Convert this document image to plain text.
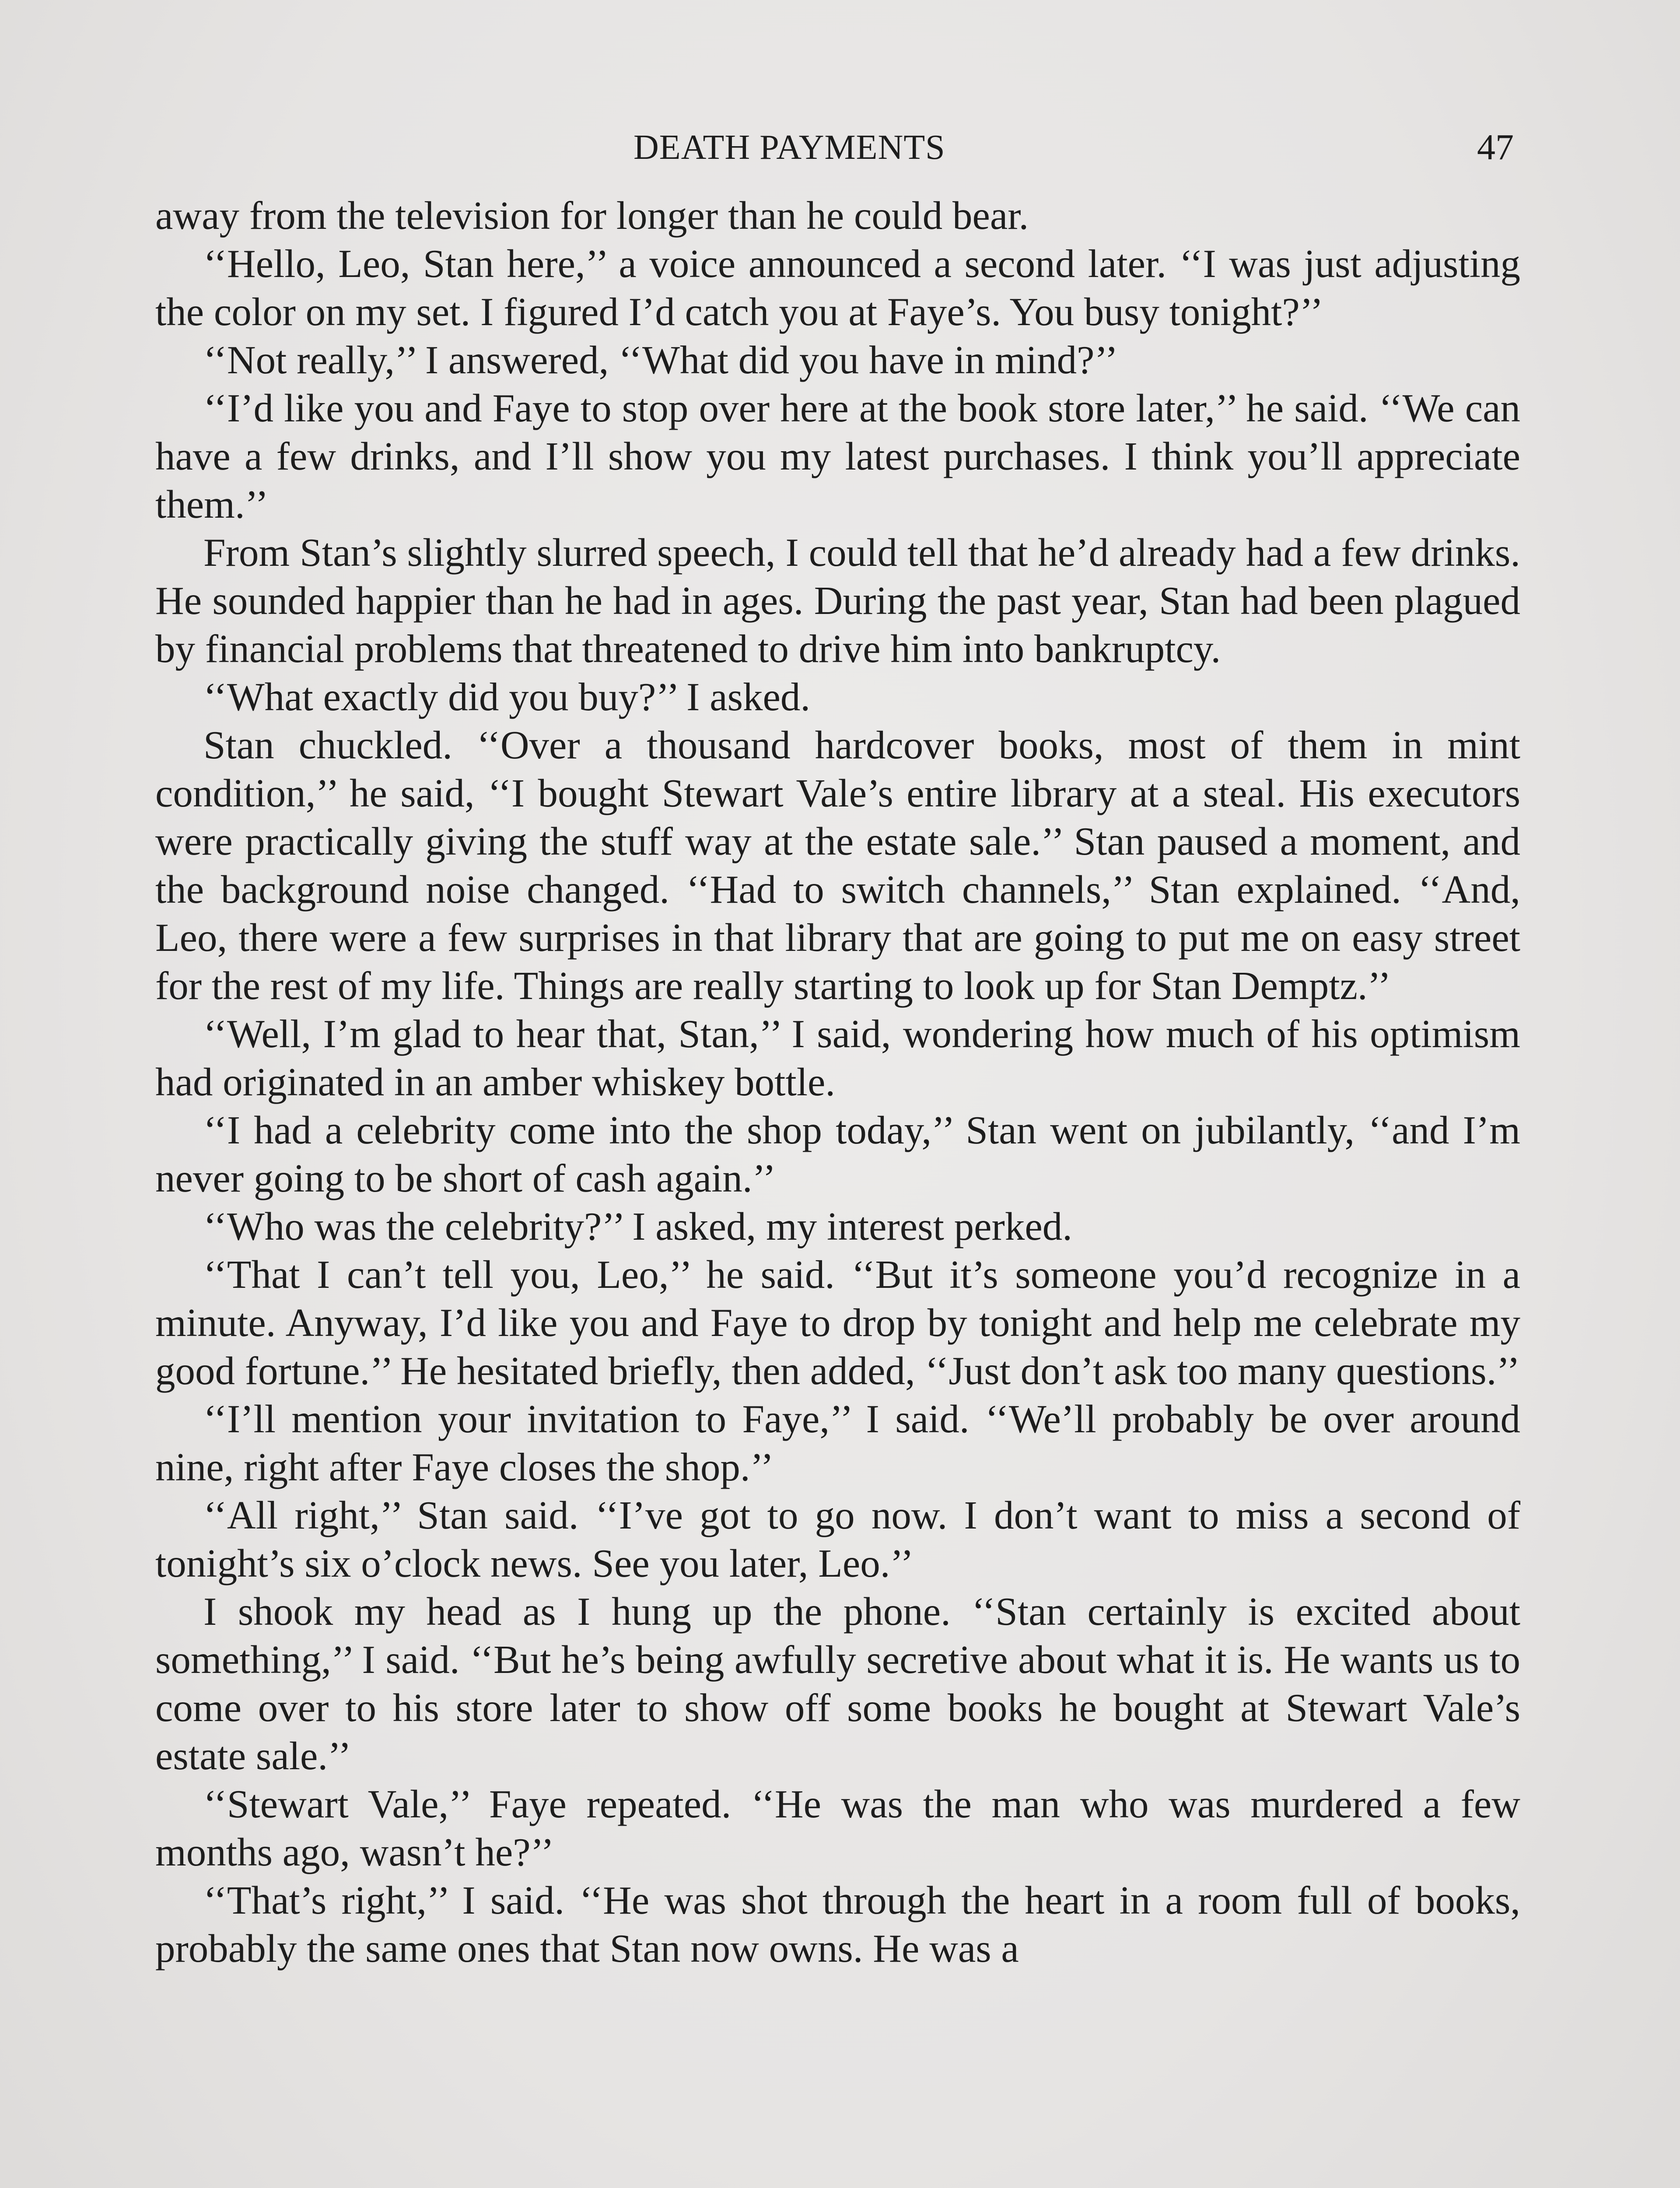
DEATH PAYMENTS	47

away from the television for longer than he could bear.

‘‘Hello, Leo, Stan here,’’ a voice announced a second later. ‘‘I was just adjusting the color on my set. I figured I’d catch you at Faye’s. You busy tonight?’’

‘‘Not really,’’ I answered, ‘‘What did you have in mind?’’

‘‘I’d like you and Faye to stop over here at the book store later,’’ he said. ‘‘We can have a few drinks, and I’ll show you my latest purchases. I think you’ll appreciate them.’’

From Stan’s slightly slurred speech, I could tell that he’d already had a few drinks. He sounded happier than he had in ages. During the past year, Stan had been plagued by financial problems that threatened to drive him into bankruptcy.

‘‘What exactly did you buy?’’ I asked.

Stan chuckled. ‘‘Over a thousand hardcover books, most of them in mint condition,’’ he said, ‘‘I bought Stewart Vale’s entire library at a steal. His executors were practically giving the stuff way at the estate sale.’’ Stan paused a moment, and the background noise changed. ‘‘Had to switch channels,’’ Stan explained. ‘‘And, Leo, there were a few surprises in that library that are going to put me on easy street for the rest of my life. Things are really starting to look up for Stan Demptz.’’

‘‘Well, I’m glad to hear that, Stan,’’ I said, wondering how much of his optimism had originated in an amber whiskey bottle.

‘‘I had a celebrity come into the shop today,’’ Stan went on jubilantly, ‘‘and I’m never going to be short of cash again.’’

‘‘Who was the celebrity?’’ I asked, my interest perked.

‘‘That I can’t tell you, Leo,’’ he said. ‘‘But it’s someone you’d recognize in a minute. Anyway, I’d like you and Faye to drop by tonight and help me celebrate my good fortune.’’ He hesitated briefly, then added, ‘‘Just don’t ask too many questions.’’

‘‘I’ll mention your invitation to Faye,’’ I said. ‘‘We’ll probably be over around nine, right after Faye closes the shop.’’

‘‘All right,’’ Stan said. ‘‘I’ve got to go now. I don’t want to miss a second of tonight’s six o’clock news. See you later, Leo.’’

I shook my head as I hung up the phone. ‘‘Stan certainly is excited about something,’’ I said. ‘‘But he’s being awfully secretive about what it is. He wants us to come over to his store later to show off some books he bought at Stewart Vale’s estate sale.’’

‘‘Stewart Vale,’’ Faye repeated. ‘‘He was the man who was murdered a few months ago, wasn’t he?’’

‘‘That’s right,’’ I said. ‘‘He was shot through the heart in a room full of books, probably the same ones that Stan now owns. He was a
